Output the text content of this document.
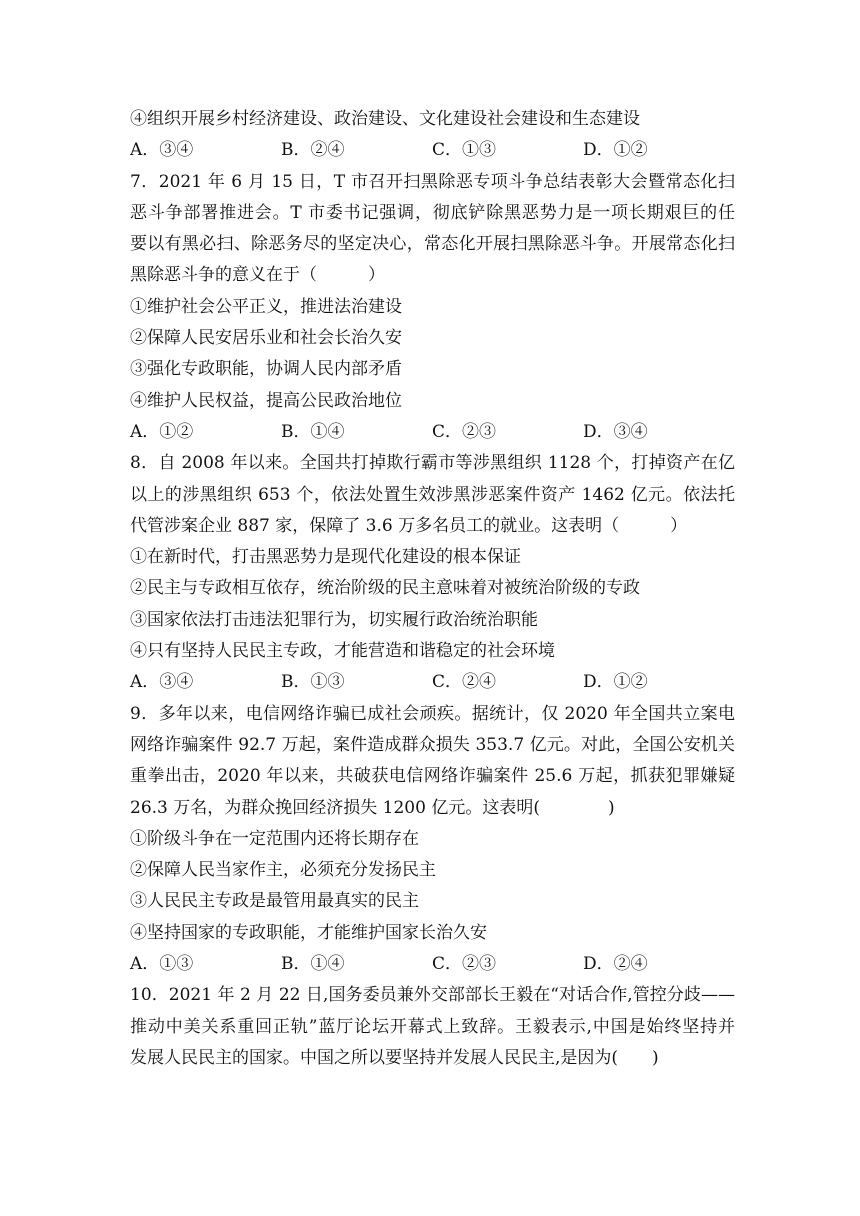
④组织开展乡村经济建设、政治建设、文化建设社会建设和生态建设
A．③④	B．②④	C．①③	D．①②
7．2021 年 6 月 15 日，T 市召开扫黑除恶专项斗争总结表彰大会暨常态化扫
恶斗争部署推进会。T 市委书记强调，彻底铲除黑恶势力是一项长期艰巨的任
要以有黑必扫、除恶务尽的坚定决心，常态化开展扫黑除恶斗争。开展常态化扫
黑除恶斗争的意义在于（　　　）
①维护社会公平正义，推进法治建设
②保障人民安居乐业和社会长治久安
③强化专政职能，协调人民内部矛盾
④维护人民权益，提高公民政治地位
A．①②	B．①④	C．②③	D．③④
8．自 2008 年以来。全国共打掉欺行霸市等涉黑组织 1128 个，打掉资产在亿
以上的涉黑组织 653 个，依法处置生效涉黑涉恶案件资产 1462 亿元。依法托
代管涉案企业 887 家，保障了 3.6 万多名员工的就业。这表明（　　　）
①在新时代，打击黑恶势力是现代化建设的根本保证
②民主与专政相互依存，统治阶级的民主意味着对被统治阶级的专政
③国家依法打击违法犯罪行为，切实履行政治统治职能
④只有坚持人民民主专政，才能营造和谐稳定的社会环境
A．③④	B．①③	C．②④	D．①②
9．多年以来，电信网络诈骗已成社会顽疾。据统计，仅 2020 年全国共立案电
网络诈骗案件 92.7 万起，案件造成群众损失 353.7 亿元。对此，全国公安机关
重拳出击，2020 年以来，共破获电信网络诈骗案件 25.6 万起，抓获犯罪嫌疑
26.3 万名，为群众挽回经济损失 1200 亿元。这表明(　　　　)
①阶级斗争在一定范围内还将长期存在
②保障人民当家作主，必须充分发扬民主
③人民民主专政是最管用最真实的民主
④坚持国家的专政职能，才能维护国家长治久安
A．①③	B．①④	C．②③	D．②④
10．2021 年 2 月 22 日,国务委员兼外交部部长王毅在“对话合作,管控分歧——
推动中美关系重回正轨”蓝厅论坛开幕式上致辞。王毅表示,中国是始终坚持并
发展人民民主的国家。中国之所以要坚持并发展人民民主,是因为(　　)
